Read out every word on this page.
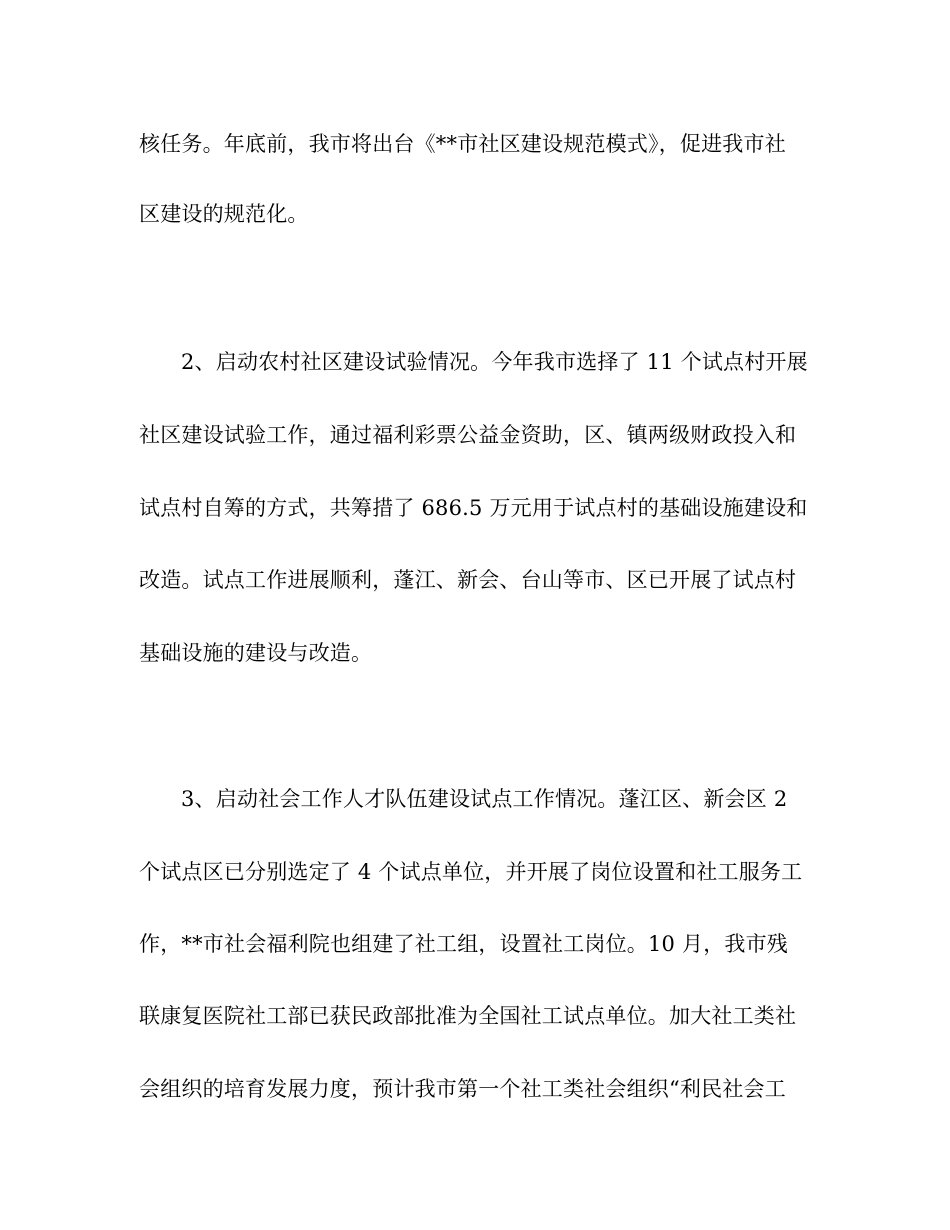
核任务。年底前，我市将出台《**市社区建设规范模式》，促进我市社
区建设的规范化。
2、启动农村社区建设试验情况。今年我市选择了 11 个试点村开展
社区建设试验工作，通过福利彩票公益金资助，区、镇两级财政投入和
试点村自筹的方式，共筹措了 686.5 万元用于试点村的基础设施建设和
改造。试点工作进展顺利，蓬江、新会、台山等市、区已开展了试点村
基础设施的建设与改造。
3、启动社会工作人才队伍建设试点工作情况。蓬江区、新会区 2
个试点区已分别选定了 4 个试点单位，并开展了岗位设置和社工服务工
作，**市社会福利院也组建了社工组，设置社工岗位。10 月，我市残
联康复医院社工部已获民政部批准为全国社工试点单位。加大社工类社
会组织的培育发展力度，预计我市第一个社工类社会组织“利民社会工
